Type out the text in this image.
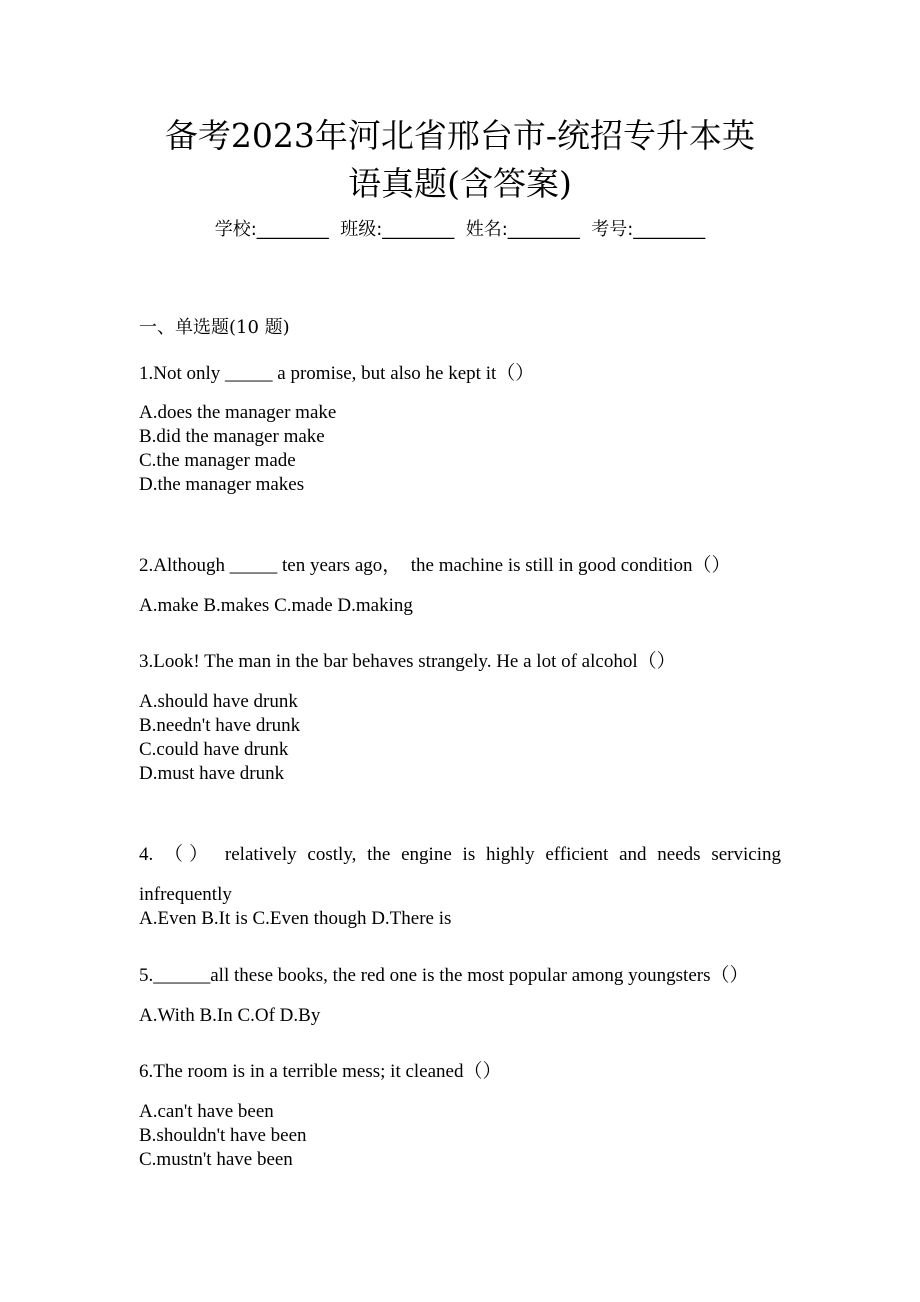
备考2023年河北省邢台市-统招专升本英
语真题(含答案)
学校:________  班级:________  姓名:________  考号:________
一、单选题(10 题)
1.Not only _____ a promise, but also he kept it（）
A.does the manager make
B.did the manager make
C.the manager made
D.the manager makes
2.Although _____ ten years ago，  the machine is still in good condition（）
A.make B.makes C.made D.making
3.Look! The man in the bar behaves strangely. He a lot of alcohol（）
A.should have drunk
B.needn't have drunk
C.could have drunk
D.must have drunk
4. （） relatively costly, the engine is highly efficient and needs servicing
infrequently
A.Even B.It is C.Even though D.There is
5.______all these books, the red one is the most popular among youngsters（）
A.With B.In C.Of D.By
6.The room is in a terrible mess; it cleaned（）
A.can't have been
B.shouldn't have been
C.mustn't have been
